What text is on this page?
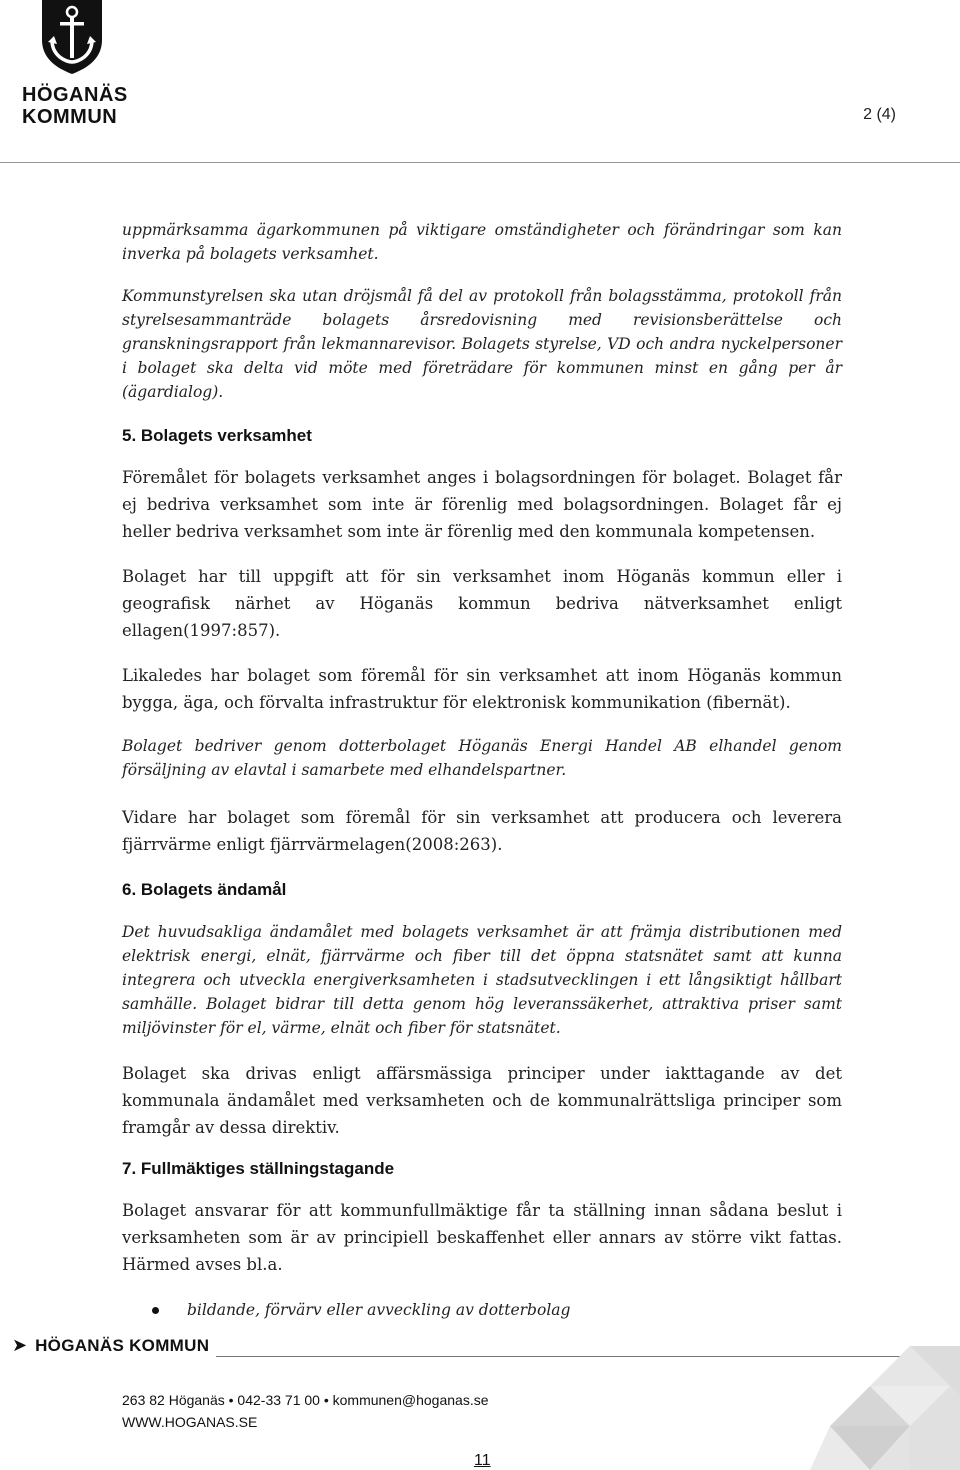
HÖGANÄS
KOMMUN	2 (4)

uppmärksamma ägarkommunen på viktigare omständigheter och förändringar som kan inverka på bolagets verksamhet.

Kommunstyrelsen ska utan dröjsmål få del av protokoll från bolagsstämma, protokoll från styrelsesammanträde bolagets årsredovisning med revisionsberättelse och granskningsrapport från lekmannarevisor. Bolagets styrelse, VD och andra nyckelpersoner i bolaget ska delta vid möte med företrädare för kommunen minst en gång per år (ägardialog).

5. Bolagets verksamhet

Föremålet för bolagets verksamhet anges i bolagsordningen för bolaget. Bolaget får ej bedriva verksamhet som inte är förenlig med bolagsordningen. Bolaget får ej heller bedriva verksamhet som inte är förenlig med den kommunala kompetensen.

Bolaget har till uppgift att för sin verksamhet inom Höganäs kommun eller i geografisk närhet av Höganäs kommun bedriva nätverksamhet enligt ellagen(1997:857).

Likaledes har bolaget som föremål för sin verksamhet att inom Höganäs kommun bygga, äga, och förvalta infrastruktur för elektronisk kommunikation (fibernät).

Bolaget bedriver genom dotterbolaget Höganäs Energi Handel AB elhandel genom försäljning av elavtal i samarbete med elhandelspartner.

Vidare har bolaget som föremål för sin verksamhet att producera och leverera fjärrvärme enligt fjärrvärmelagen(2008:263).

6. Bolagets ändamål

Det huvudsakliga ändamålet med bolagets verksamhet är att främja distributionen med elektrisk energi, elnät, fjärrvärme och fiber till det öppna statsnätet samt att kunna integrera och utveckla energiverksamheten i stadsutvecklingen i ett långsiktigt hållbart samhälle. Bolaget bidrar till detta genom hög leveranssäkerhet, attraktiva priser samt miljövinster för el, värme, elnät och fiber för statsnätet.

Bolaget ska drivas enligt affärsmässiga principer under iakttagande av det kommunala ändamålet med verksamheten och de kommunalrättsliga principer som framgår av dessa direktiv.

7. Fullmäktiges ställningstagande

Bolaget ansvarar för att kommunfullmäktige får ta ställning innan sådana beslut i verksamheten som är av principiell beskaffenhet eller annars av större vikt fattas. Härmed avses bl.a.

bildande, förvärv eller avveckling av dotterbolag
➤ HÖGANÄS KOMMUN
263 82 Höganäs • 042-33 71 00 • kommunen@hoganas.se
WWW.HOGANAS.SE
11
